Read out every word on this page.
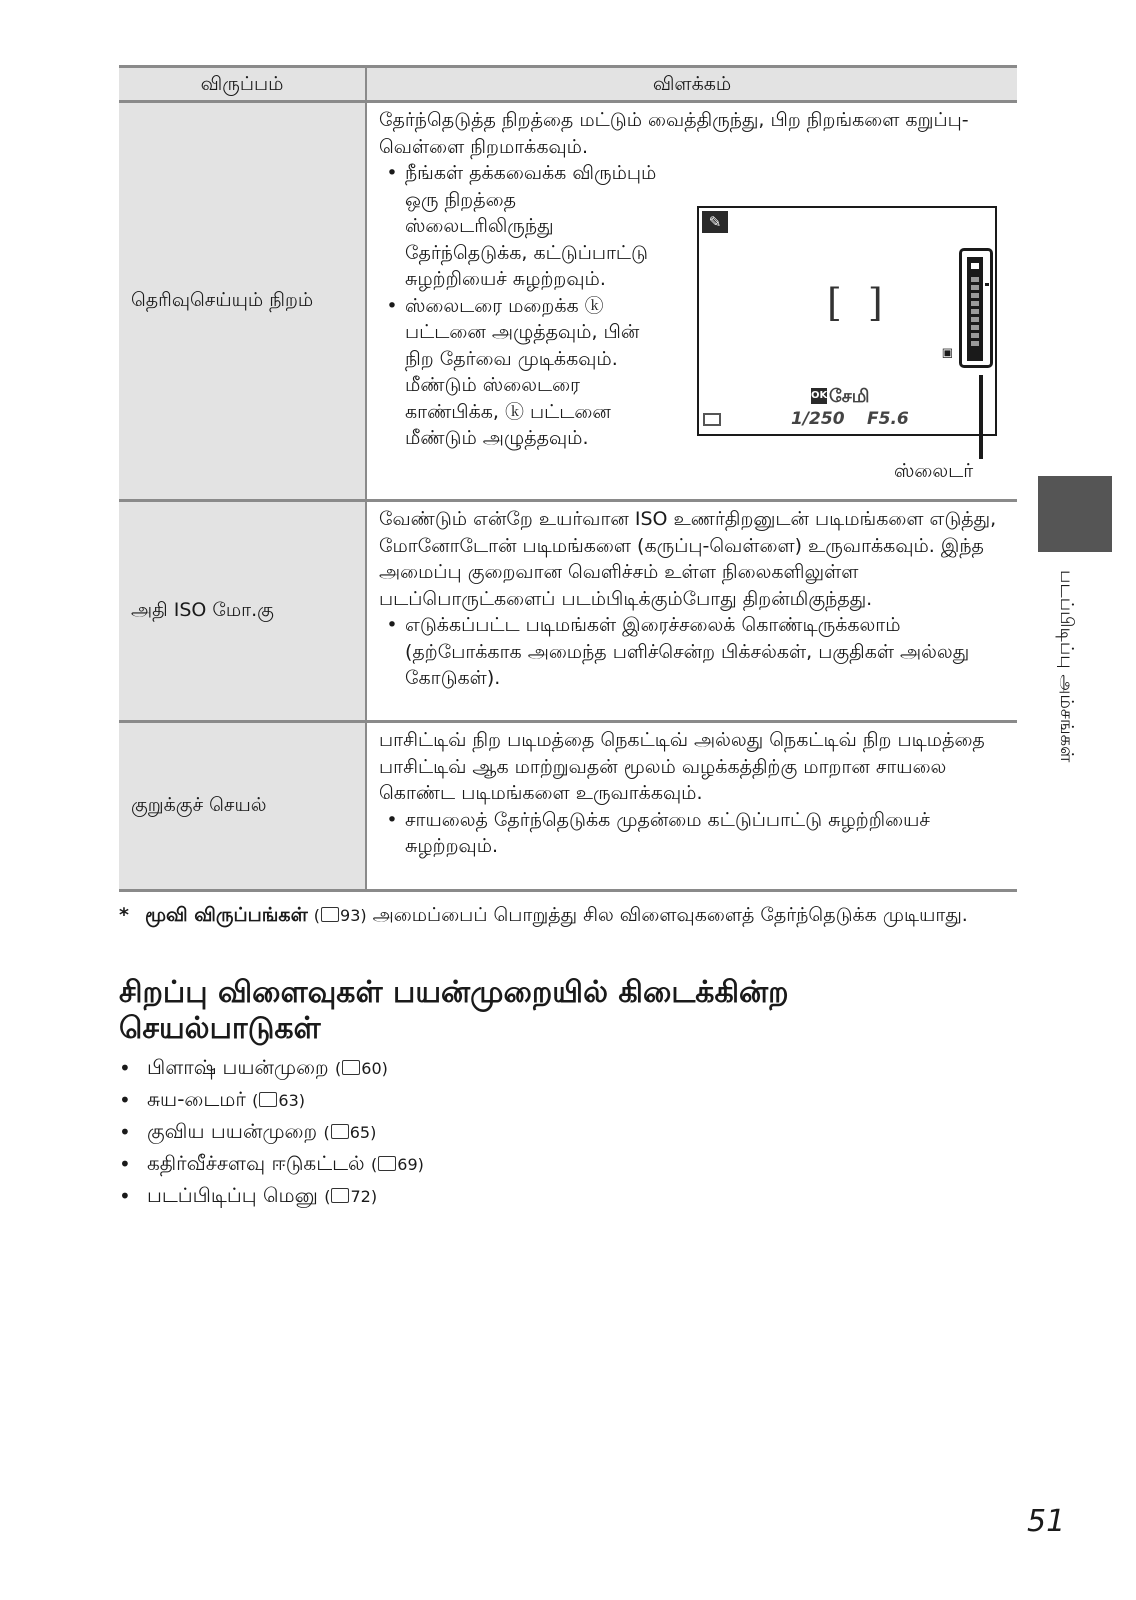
விருப்பம்	விளக்கம்
தெரிவுசெய்யும் நிறம்
தேர்ந்தெடுத்த நிறத்தை மட்டும் வைத்திருந்து, பிற நிறங்களை கறுப்பு-வெள்ளை நிறமாக்கவும்.
• நீங்கள் தக்கவைக்க விரும்பும் ஒரு நிறத்தை ஸ்லைடரிலிருந்து தேர்ந்தெடுக்க, கட்டுப்பாட்டு சுழற்றியைச் சுழற்றவும்.
• ஸ்லைடரை மறைக்க ⓚ பட்டனை அழுத்தவும், பின் நிற தேர்வை முடிக்கவும். மீண்டும் ஸ்லைடரை காண்பிக்க, ⓚ பட்டனை மீண்டும் அழுத்தவும்.
✎
[]
▣
OK சேமி
1/250 F5.6
ஸ்லைடர்
அதி ISO மோ.கு
வேண்டும் என்றே உயர்வான ISO உணர்திறனுடன் படிமங்களை எடுத்து, மோனோடோன் படிமங்களை (கருப்பு-வெள்ளை) உருவாக்கவும். இந்த அமைப்பு குறைவான வெளிச்சம் உள்ள நிலைகளிலுள்ள படப்பொருட்களைப் படம்பிடிக்கும்போது திறன்மிகுந்தது.
• எடுக்கப்பட்ட படிமங்கள் இரைச்சலைக் கொண்டிருக்கலாம் (தற்போக்காக அமைந்த பளிச்சென்ற பிக்சல்கள், பகுதிகள் அல்லது கோடுகள்).
குறுக்குச் செயல்
பாசிட்டிவ் நிற படிமத்தை நெகட்டிவ் அல்லது நெகட்டிவ் நிற படிமத்தை பாசிட்டிவ் ஆக மாற்றுவதன் மூலம் வழக்கத்திற்கு மாறான சாயலை கொண்ட படிமங்களை உருவாக்கவும்.
• சாயலைத் தேர்ந்தெடுக்க முதன்மை கட்டுப்பாட்டு சுழற்றியைச் சுழற்றவும்.
* மூவி விருப்பங்கள் ( 93) அமைப்பைப் பொறுத்து சில விளைவுகளைத் தேர்ந்தெடுக்க முடியாது.
சிறப்பு விளைவுகள் பயன்முறையில் கிடைக்கின்ற செயல்பாடுகள்
• பிளாஷ் பயன்முறை
( 60)
• சுய-டைமர்
( 63)
• குவிய பயன்முறை
( 65)
• கதிர்வீச்சளவு ஈடுகட்டல்
( 69)
• படப்பிடிப்பு மெனு
( 72)
படப்பிடிப்பு அம்சங்கள்
51
